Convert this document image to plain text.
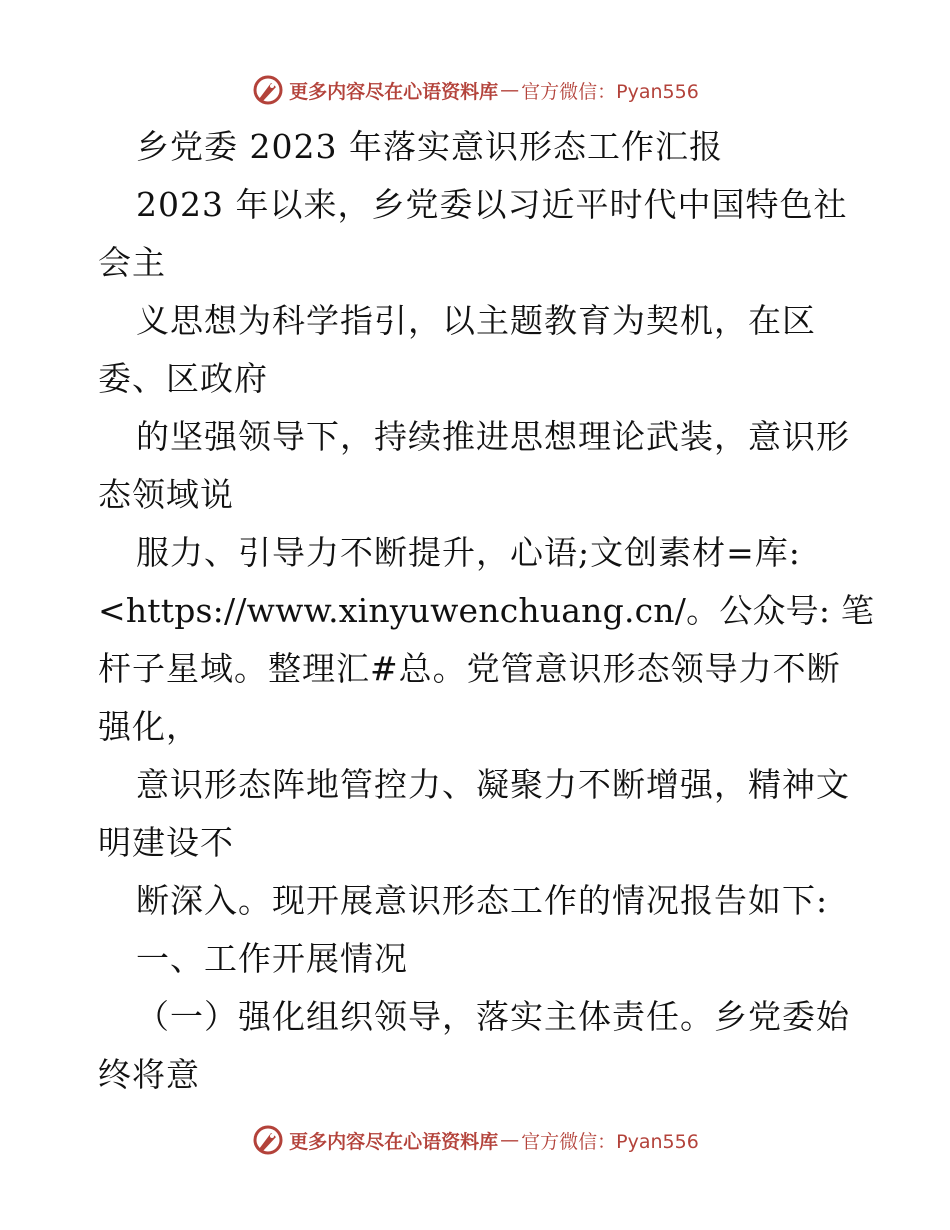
更多内容尽在心语资料库 — 官方微信：Pyan556
乡党委 2023 年落实意识形态工作汇报
2023 年以来，乡党委以习近平时代中国特色社
会主
义思想为科学指引，以主题教育为契机，在区
委、区政府
的坚强领导下，持续推进思想理论武装，意识形
态领域说
服力、引导力不断提升，心语;文创素材=库:
<https://www.xinyuwenchuang.cn/。公众号: 笔
杆子星域。整理汇#总。党管意识形态领导力不断
强化，
意识形态阵地管控力、凝聚力不断增强，精神文
明建设不
断深入。现开展意识形态工作的情况报告如下:
一、工作开展情况
（一）强化组织领导，落实主体责任。乡党委始
终将意
更多内容尽在心语资料库 — 官方微信：Pyan556
